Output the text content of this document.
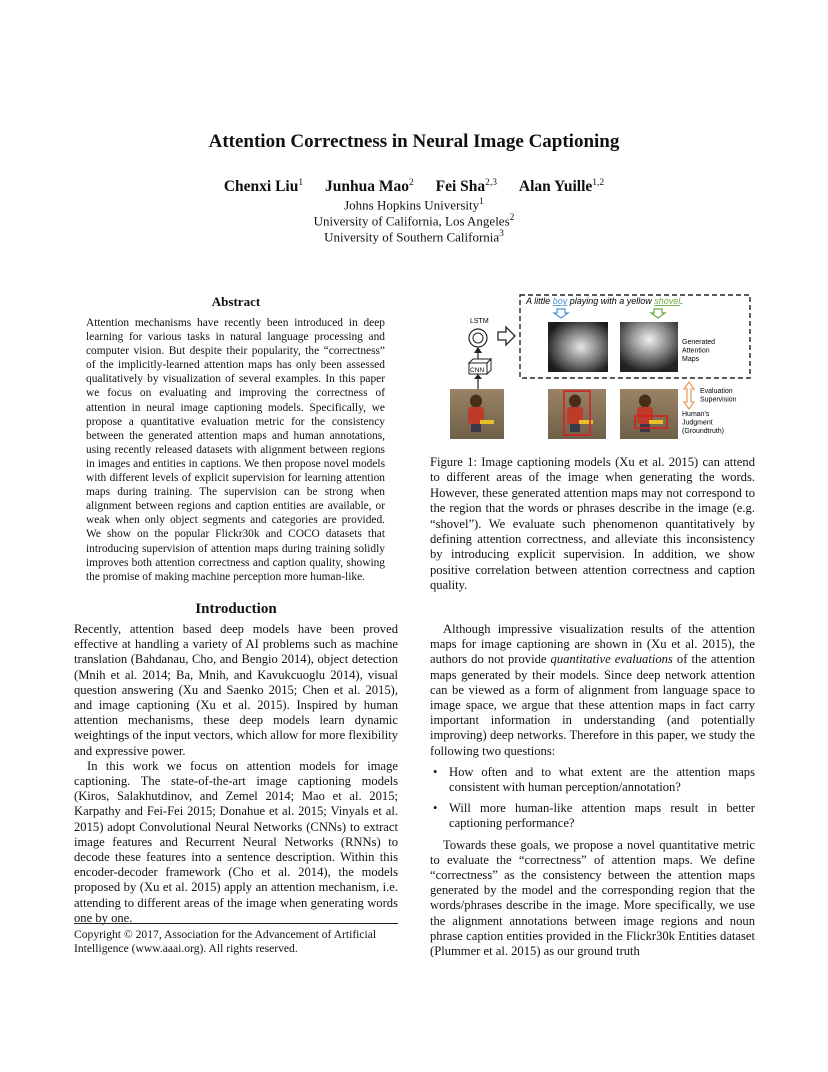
Attention Correctness in Neural Image Captioning
Chenxi Liu$^1$ Junhua Mao$^2$ Fei Sha$^{2,3}$ Alan Yuille$^{1,2}$
Johns Hopkins University$^1$
University of California, Los Angeles$^2$
University of Southern California$^3$
Abstract

Attention mechanisms have recently been introduced in deep learning for various tasks in natural language processing and computer vision. But despite their popularity, the “correctness” of the implicitly-learned attention maps has only been assessed qualitatively by visualization of several examples. In this paper we focus on evaluating and improving the correctness of attention in neural image captioning models. Specifically, we propose a quantitative evaluation metric for the consistency between the generated attention maps and human annotations, using recently released datasets with alignment between regions in images and entities in captions. We then propose novel models with different levels of explicit supervision for learning attention maps during training. The supervision can be strong when alignment between regions and caption entities are available, or weak when only object segments and categories are provided. We show on the popular Flickr30k and COCO datasets that introducing supervision of attention maps during training solidly improves both attention correctness and caption quality, showing the promise of making machine perception more human-like.

Introduction

Recently, attention based deep models have been proved effective at handling a variety of AI problems such as machine translation (Bahdanau, Cho, and Bengio 2014), object detection (Mnih et al. 2014; Ba, Mnih, and Kavukcuoglu 2014), visual question answering (Xu and Saenko 2015; Chen et al. 2015), and image captioning (Xu et al. 2015). Inspired by human attention mechanisms, these deep models learn dynamic weightings of the input vectors, which allow for more flexibility and expressive power.

In this work we focus on attention models for image captioning. The state-of-the-art image captioning models (Kiros, Salakhutdinov, and Zemel 2014; Mao et al. 2015; Karpathy and Fei-Fei 2015; Donahue et al. 2015; Vinyals et al. 2015) adopt Convolutional Neural Networks (CNNs) to extract image features and Recurrent Neural Networks (RNNs) to decode these features into a sentence description. Within this encoder-decoder framework (Cho et al. 2014), the models proposed by (Xu et al. 2015) apply an attention mechanism, i.e. attending to different areas of the image when generating words one by one.

Copyright © 2017, Association for the Advancement of Artificial Intelligence (www.aaai.org). All rights reserved.
A little boy playing with a yellow shovel.
LSTM
CNN
Generated Attention Maps
Evaluation Supervision
Human's Judgment (Groundtruth)

Figure 1: Image captioning models (Xu et al. 2015) can attend to different areas of the image when generating the words. However, these generated attention maps may not correspond to the region that the words or phrases describe in the image (e.g. “shovel”). We evaluate such phenomenon quantitatively by defining attention correctness, and alleviate this inconsistency by introducing explicit supervision. In addition, we show positive correlation between attention correctness and caption quality.

Although impressive visualization results of the attention maps for image captioning are shown in (Xu et al. 2015), the authors do not provide quantitative evaluations of the attention maps generated by their models. Since deep network attention can be viewed as a form of alignment from language space to image space, we argue that these attention maps in fact carry important information in understanding (and potentially improving) deep networks. Therefore in this paper, we study the following two questions:

• How often and to what extent are the attention maps consistent with human perception/annotation?
• Will more human-like attention maps result in better captioning performance?

Towards these goals, we propose a novel quantitative metric to evaluate the “correctness” of attention maps. We define “correctness” as the consistency between the attention maps generated by the model and the corresponding region that the words/phrases describe in the image. More specifically, we use the alignment annotations between image regions and noun phrase caption entities provided in the Flickr30k Entities dataset (Plummer et al. 2015) as our ground truth
